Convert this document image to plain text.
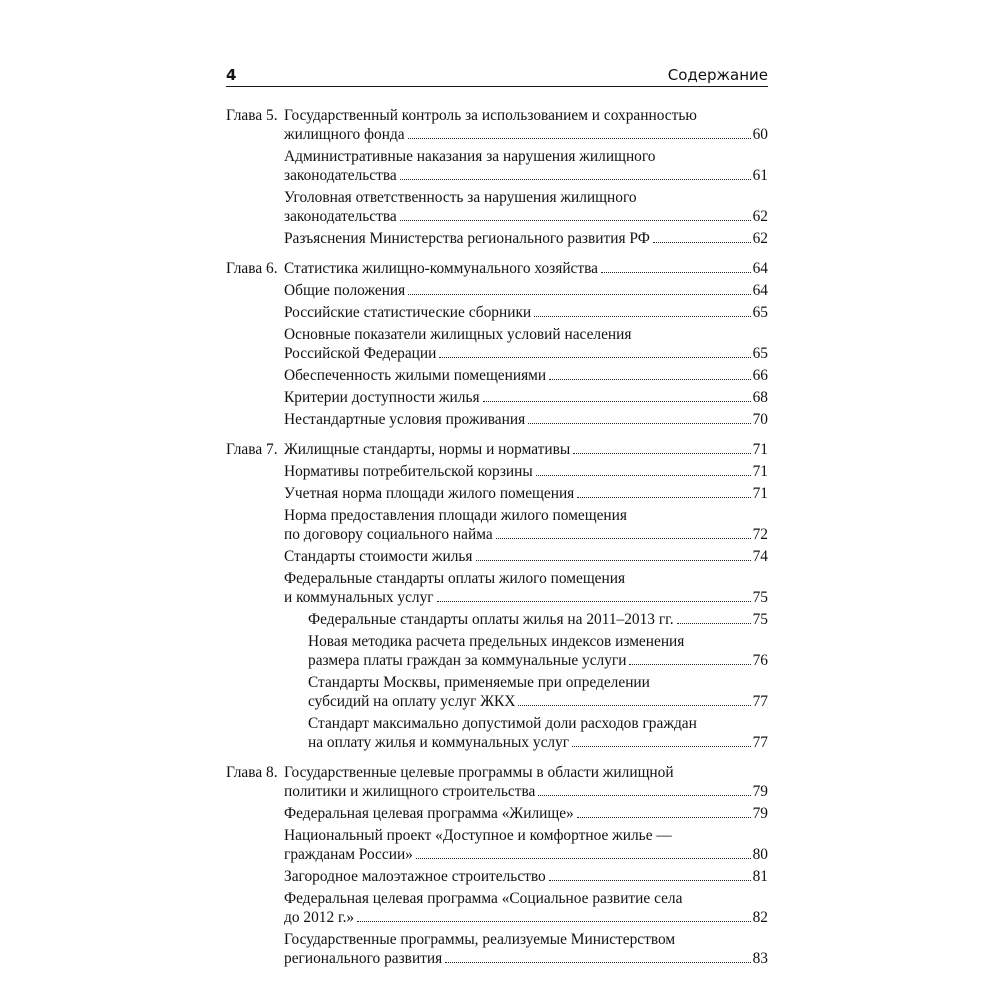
4	Содержание
Глава 5. Государственный контроль за использованием и сохранностью
жилищного фонда	60
Административные наказания за нарушения жилищного
законодательства	61
Уголовная ответственность за нарушения жилищного
законодательства	62
Разъяснения Министерства регионального развития РФ	62
Глава 6. Статистика жилищно-коммунального хозяйства	64
Общие положения	64
Российские статистические сборники	65
Основные показатели жилищных условий населения
Российской Федерации	65
Обеспеченность жилыми помещениями	66
Критерии доступности жилья	68
Нестандартные условия проживания	70
Глава 7. Жилищные стандарты, нормы и нормативы	71
Нормативы потребительской корзины	71
Учетная норма площади жилого помещения	71
Норма предоставления площади жилого помещения
по договору социального найма	72
Стандарты стоимости жилья	74
Федеральные стандарты оплаты жилого помещения
и коммунальных услуг	75
Федеральные стандарты оплаты жилья на 2011–2013 гг.	75
Новая методика расчета предельных индексов изменения
размера платы граждан за коммунальные услуги	76
Стандарты Москвы, применяемые при определении
субсидий на оплату услуг ЖКХ	77
Стандарт максимально допустимой доли расходов граждан
на оплату жилья и коммунальных услуг	77
Глава 8. Государственные целевые программы в области жилищной
политики и жилищного строительства	79
Федеральная целевая программа «Жилище»	79
Национальный проект «Доступное и комфортное жилье —
гражданам России»	80
Загородное малоэтажное строительство	81
Федеральная целевая программа «Социальное развитие села
до 2012 г.»	82
Государственные программы, реализуемые Министерством
регионального развития	83
